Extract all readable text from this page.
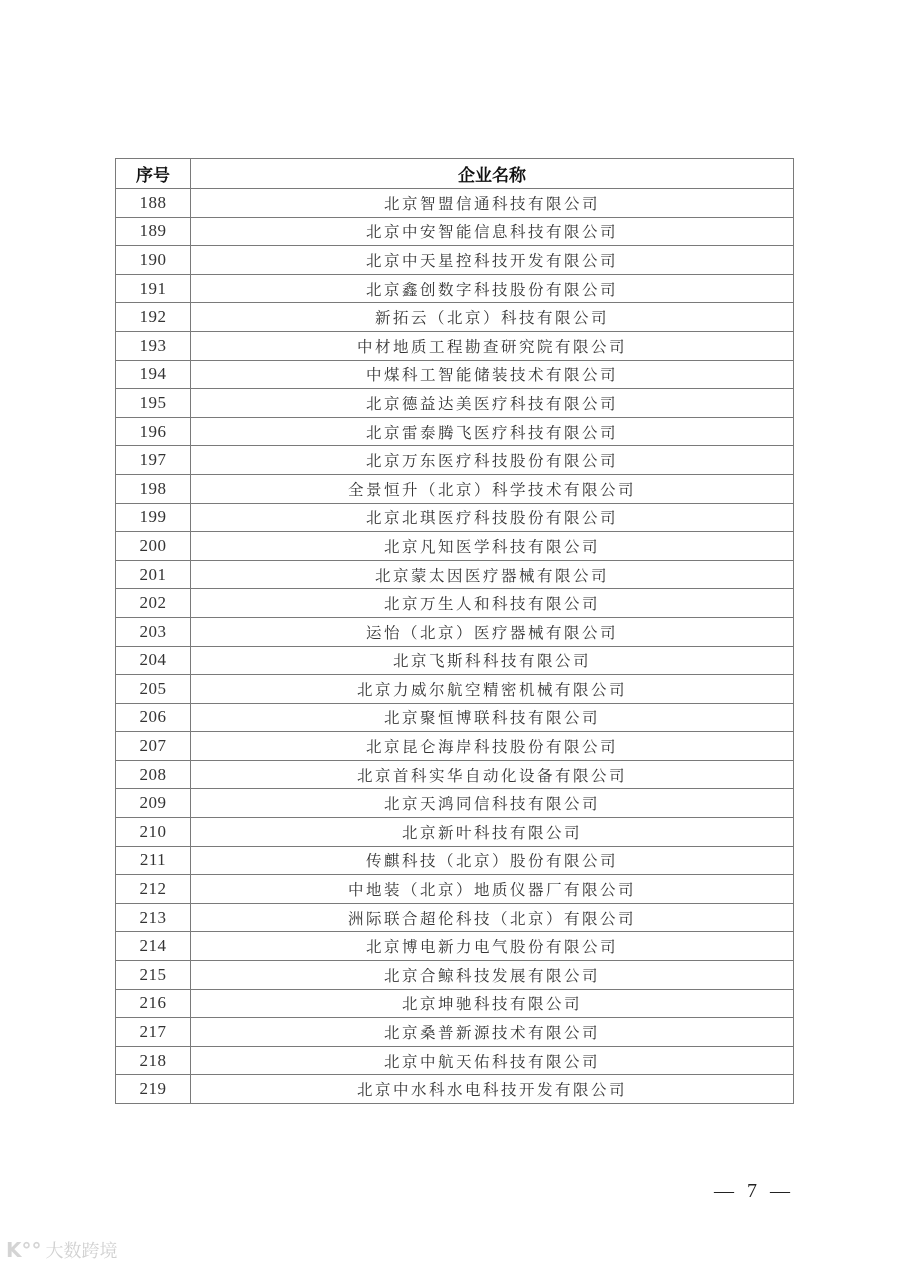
序号	企业名称
188	北京智盟信通科技有限公司
189	北京中安智能信息科技有限公司
190	北京中天星控科技开发有限公司
191	北京鑫创数字科技股份有限公司
192	新拓云（北京）科技有限公司
193	中材地质工程勘查研究院有限公司
194	中煤科工智能储装技术有限公司
195	北京德益达美医疗科技有限公司
196	北京雷泰腾飞医疗科技有限公司
197	北京万东医疗科技股份有限公司
198	全景恒升（北京）科学技术有限公司
199	北京北琪医疗科技股份有限公司
200	北京凡知医学科技有限公司
201	北京蒙太因医疗器械有限公司
202	北京万生人和科技有限公司
203	运怡（北京）医疗器械有限公司
204	北京飞斯科科技有限公司
205	北京力威尔航空精密机械有限公司
206	北京聚恒博联科技有限公司
207	北京昆仑海岸科技股份有限公司
208	北京首科实华自动化设备有限公司
209	北京天鸿同信科技有限公司
210	北京新叶科技有限公司
211	传麒科技（北京）股份有限公司
212	中地装（北京）地质仪器厂有限公司
213	洲际联合超伦科技（北京）有限公司
214	北京博电新力电气股份有限公司
215	北京合鲸科技发展有限公司
216	北京坤驰科技有限公司
217	北京桑普新源技术有限公司
218	北京中航天佑科技有限公司
219	北京中水科水电科技开发有限公司
— 7 —
K°° 大数跨境
